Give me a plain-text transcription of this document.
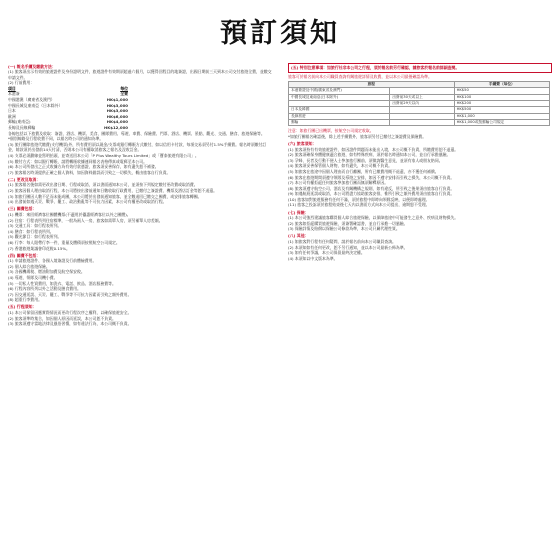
預訂須知
(一) 報名手續及繳款方法：
(1) 旅客須出示有效的旅遊證件及身份證明文件，旅遊證件有效期須超過六個月，以獲得回程目的地簽證，出國日期前三天到本公司交付旅遊全費，並繳交申請文件。
(2) 行前費用：
項目	每位
本港簽	全費
中國港澳（廣東省及澳門）	HK$1,000
中國長城及東南亞（日本除外）	HK$3,000
日本	HK$3,000
歐洲	HK$6,000
郵輪(東南亞)	HK$4,000
長線及長線郵輪	HK$12,000
各線包括以下旅費及收取：簽證、酒店、機票、美食、團隊費用、導遊、車費、保險費、門票、酒店、機票、景點、觀光、交通、膳食、旅遊保險等。
*個別線路及行程收費不同，以報名時公司的通知為準。
(3) 旅行團除旅遊代繳費(支付機票)外，所有費用須以現金/支票或銀行轉賬方式繳付，如以信用卡付款，每項交易須另付1.5%手續費。報名時須繳付訂金，餘款須於出發前14天付清，否則本公司有權取消旅客之報名及沒收訂金。
(4) 支票必須劃線並寫明抬頭，並寄送回本公司「P Plus Wealthy Tours Limited」或「寶泰旅遊有限公司」。
(5) 繳付方式：如以銀行轉賬，請將轉賬收據連同報名表格傳真或電郵至本公司。
(6) 本公司所發出之正式收據方為有效付款憑證，旅客須妥善保存，如有遺失恕不補發。
(7) 旅客報名時須提供正確之個人資料，如因資料錯誤而引致之一切損失，概由旅客自行負責。
(二) 更改及取消：
(1) 旅客報名後如需更改出發日期、行程或取消，須以書面通知本公司，並須按下列規定繳付更改費或取消費。
(2) 旅客因個人理由取消行程，本公司將按出發前通知日數收取行政費用，已繳付之簽證費、機票及酒店訂金等恕不退還。
(3) 如旅行團因人數不足而未能成團，本公司將於出發前通知旅客，並全數退回已繳交之團費，或安排旅客轉團。
(4) 出發前如遇天災、戰爭、罷工、政治動亂等不可抗力因素，本公司有權更改或取消行程。
(三) 團費包括：
(1) 機票：來回經濟客位團體機票(不適用於優惠經濟客位以外之團體)。
(2) 住宿：行程表所列住宿標準，一般為兩人一房，旅客如需單人房，須另補單人房差額。
(3) 交通工具：如行程表所列。
(4) 膳食：如行程表所列。
(5) 觀光節目：如行程表所列。
(6) 行李：每人限帶行李一件，重量及體積須按照航空公司規定。
(7) 香港旅遊業議會印花稅0.15%。
(四) 團費不包括：
(1) 申請旅遊證件、各國入境簽證及行前體檢費用。
(2) 個人綜合旅遊保險。
(3) 各國機場稅、燃油附加費及航空保安稅。
(4) 導遊、領隊及司機小費。
(5) 一切私人性質費用，如洗衣、電話、飲品、酒店服務費等。
(6) 行程內容所列以外之活動及膳食費用。
(7) 因交通延誤、天災、罷工、戰爭等不可抗力因素而引致之額外費用。
(8) 超重行李費用。
(五) 行程須知：
(1) 本公司保留因應實際情況而更改行程次序之權利，以確保旅遊安全。
(2) 旅客須準時集合，如因個人原因而延誤，本公司恕不負責。
(3) 旅客須遵守當地法律及風俗習慣，如有違法行為，本公司概不負責。
(五) 特別注意事項：如旅行社非本公司之行程，須於報名前另行確認，請旅客於報名前詳細查閱。
旅客可於報名前向本公司職員查詢有關旅遊詳情及收費，並以本公司最後確認為準。
旅程		手續費（每位）
本港簽證及中國(廣東省及澳門)		HK$50
中國長城及東南亞(日本除外)	出發前30天或以上	HK$100
	出發前29天以內	HK$200
日本及韓國		HK$500
長線旅遊		HK$1,000
郵輪		HK$1,000或按郵輪公司規定
注意：如旅行團已出機票，按航空公司規定收取。
*如旅行團報名確認後，除上述手續費外，旅客須另付已繳付之簽證費及保險費。
(六) 旅客須知：
(1) 旅客須持有有效旅遊證件，如因證件問題而未能出入境，本公司概不負責，所繳費用恕不退還。
(2) 旅客須確保身體健康適合旅遊，如有特殊疾病，須於報名時通知本公司，並自行承擔風險。
(3) 孕婦、長者及行動不便人士參加旅行團前，須徵詢醫生意見，並須有家人或朋友陪同。
(4) 旅客須妥善保管個人財物，如有遺失，本公司概不負責。
(5) 如旅客在旅途中因個人理由而自行離團，所有已繳費用概不退還，亦不獲任何補償。
(6) 旅客在旅遊期間須遵守領隊及導遊之安排，如因不遵守安排而引致之損失，本公司概不負責。
(7) 本公司有權拒絕任何旅客參加旅行團而無須解釋原因。
(8) 旅客須遵守航空公司、酒店及有關機構之規則，如有違反，所引致之後果須由旅客自行負責。
(9) 如遇航班延誤或取消，本公司將盡力協助旅客安排，惟所引致之額外費用須由旅客自行負責。
(10) 旅客如對旅遊服務有任何不滿，須於旅程中即時向領隊反映，以便即時處理。
(11) 旅客之投訴須於旅程結束後七天內以書面方式向本公司提出，逾期恕不受理。
(七) 保險：
(1) 本公司強烈建議旅客購買個人綜合旅遊保險，以保障旅途中可能發生之意外、疾病及財物損失。
(2) 旅客如拒絕購買旅遊保險，須簽署確認書，並自行承擔一切風險。
(3) 保險詳情及賠償以保險公司條款為準，本公司只屬代理性質。
(八) 其他：
(1) 如旅客對行程有任何疑問，請於報名前向本公司職員查詢。
(2) 本須知如有任何更改，恕不另行通知，並以本公司最新公佈為準。
(3) 如有任何爭議，本公司保留最終決定權。
(4) 本須知以中文版本為準。
